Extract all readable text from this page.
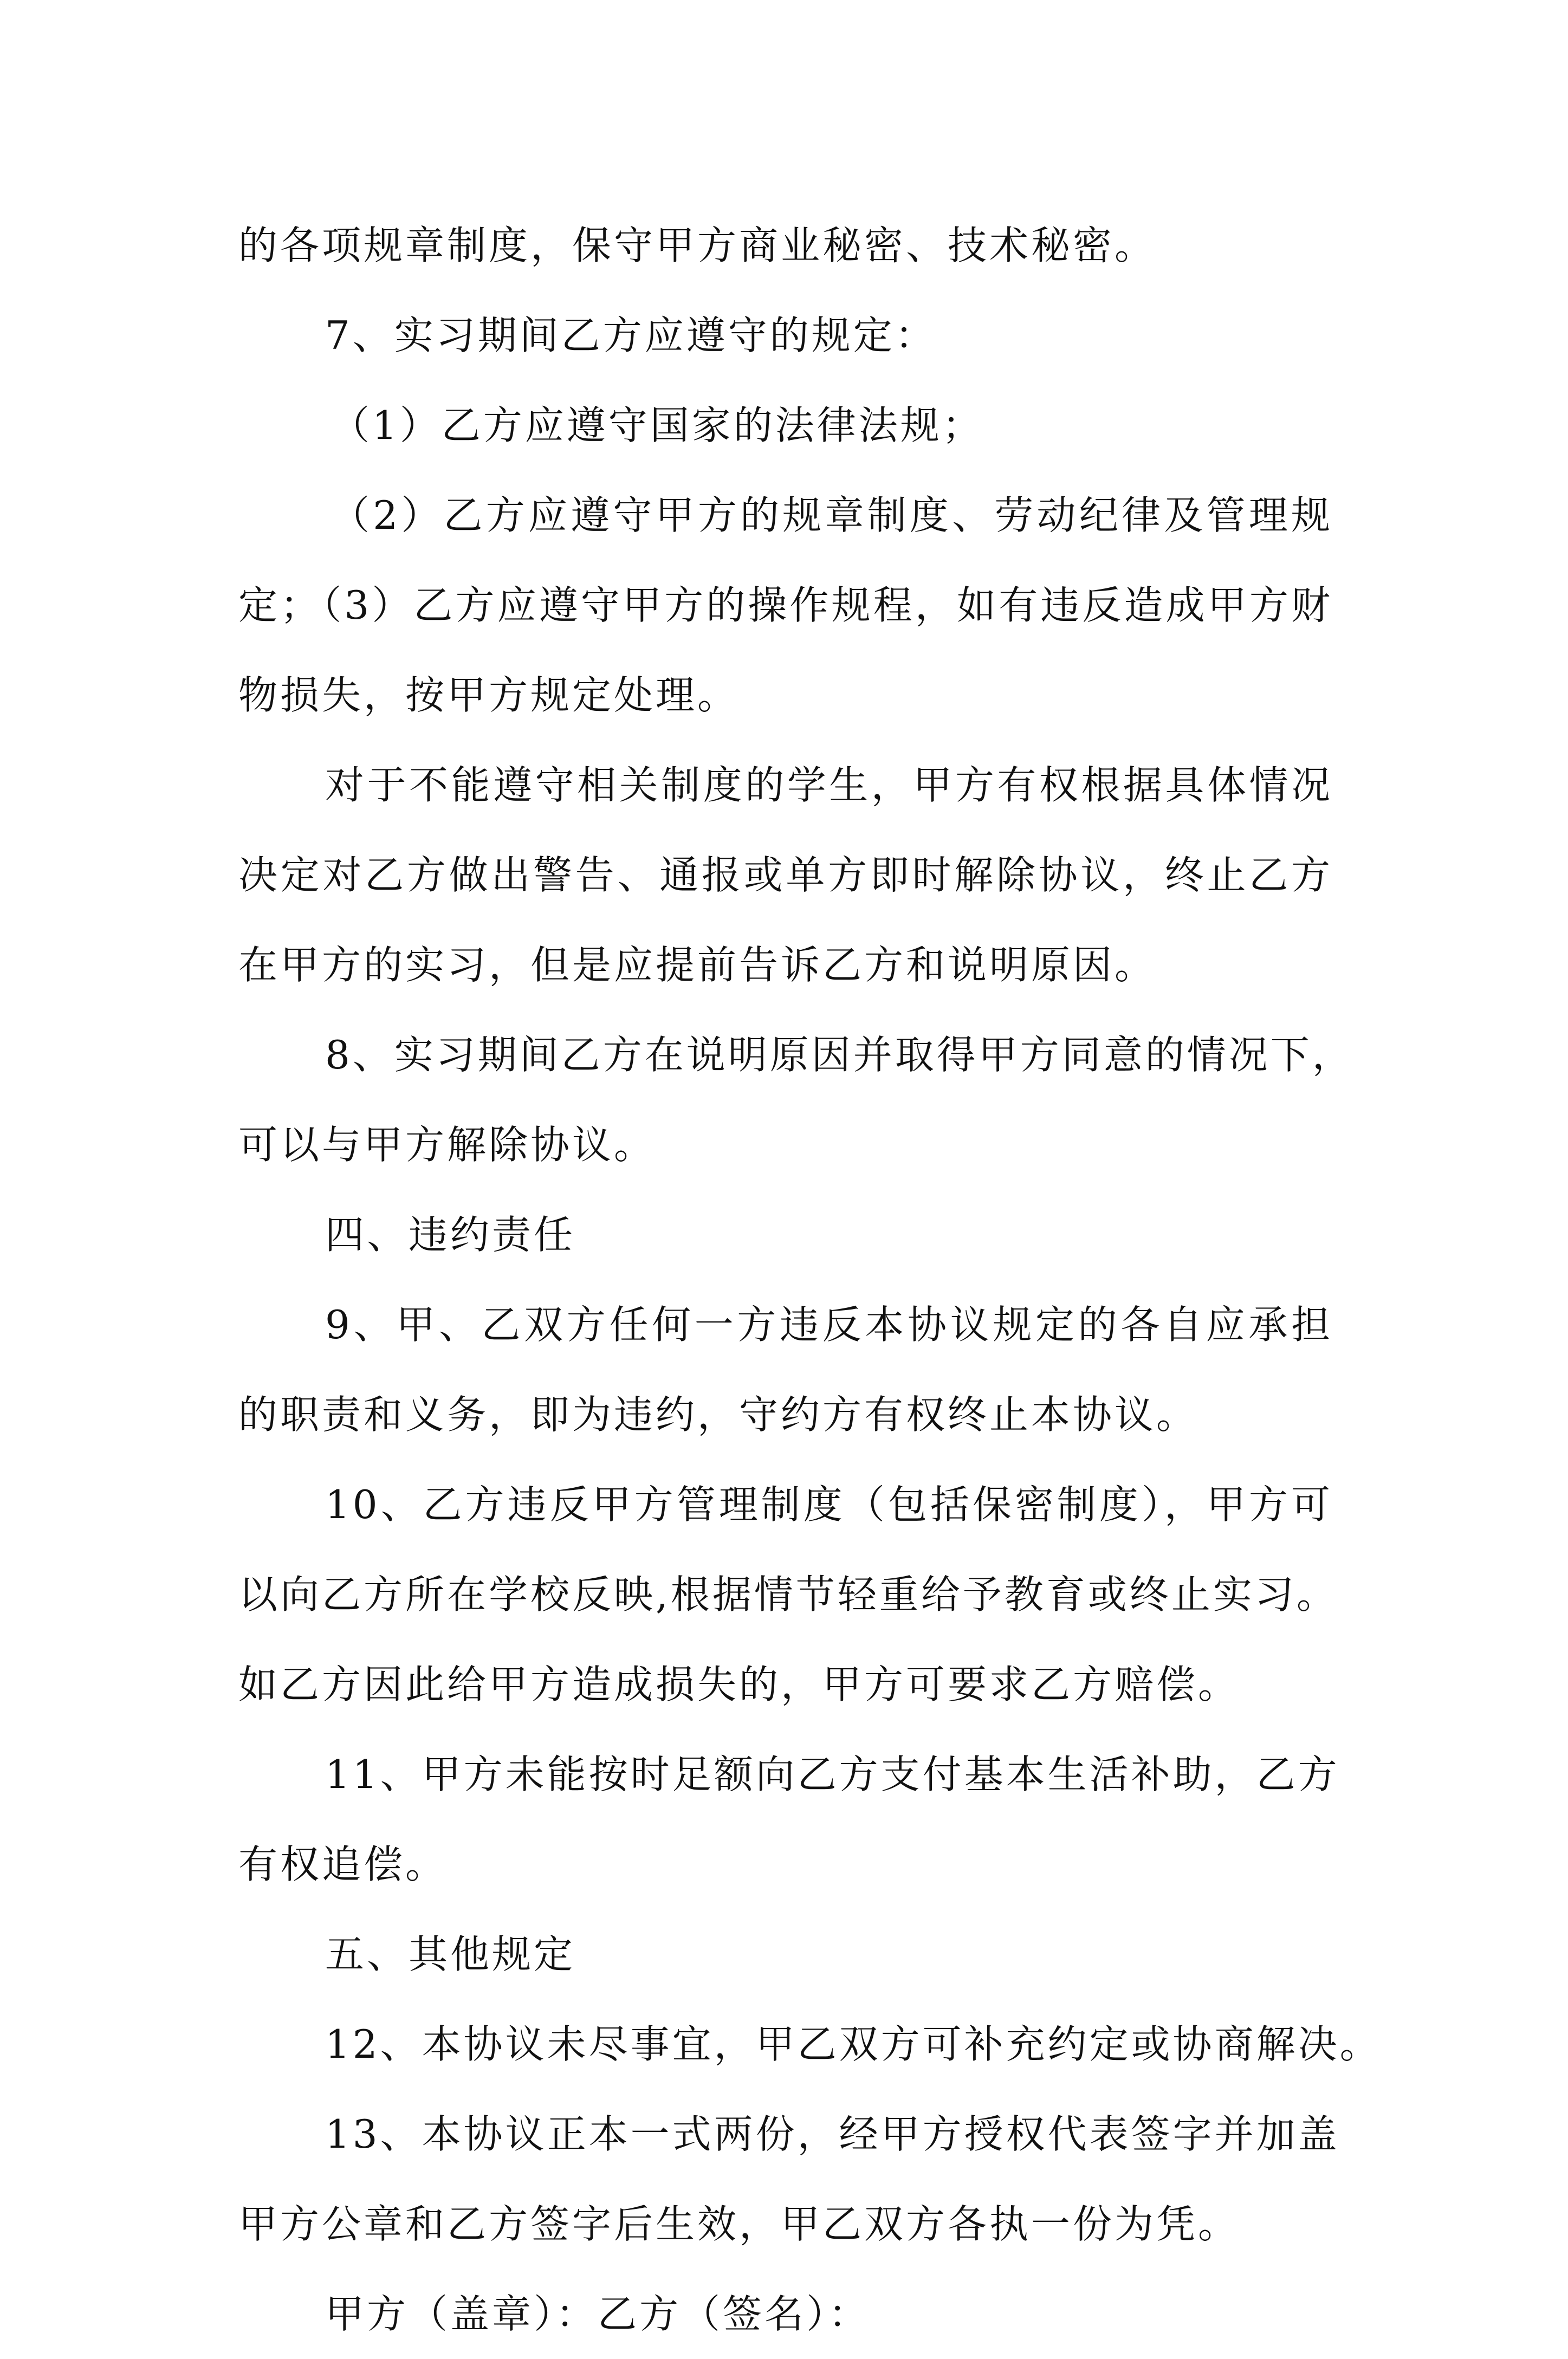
的各项规章制度，保守甲方商业秘密、技术秘密。

7、实习期间乙方应遵守的规定：

（1）乙方应遵守国家的法律法规；

（2）乙方应遵守甲方的规章制度、劳动纪律及管理规

定；（3）乙方应遵守甲方的操作规程，如有违反造成甲方财

物损失，按甲方规定处理。

对于不能遵守相关制度的学生，甲方有权根据具体情况

决定对乙方做出警告、通报或单方即时解除协议，终止乙方

在甲方的实习，但是应提前告诉乙方和说明原因。

8、实习期间乙方在说明原因并取得甲方同意的情况下，

可以与甲方解除协议。

四、违约责任

9、甲、乙双方任何一方违反本协议规定的各自应承担

的职责和义务，即为违约，守约方有权终止本协议。

10、乙方违反甲方管理制度（包括保密制度），甲方可

以向乙方所在学校反映,根据情节轻重给予教育或终止实习。

如乙方因此给甲方造成损失的，甲方可要求乙方赔偿。

11、甲方未能按时足额向乙方支付基本生活补助，乙方

有权追偿。

五、其他规定

12、本协议未尽事宜，甲乙双方可补充约定或协商解决。

13、本协议正本一式两份，经甲方授权代表签字并加盖

甲方公章和乙方签字后生效，甲乙双方各执一份为凭。

甲方（盖章）：乙方（签名）：
